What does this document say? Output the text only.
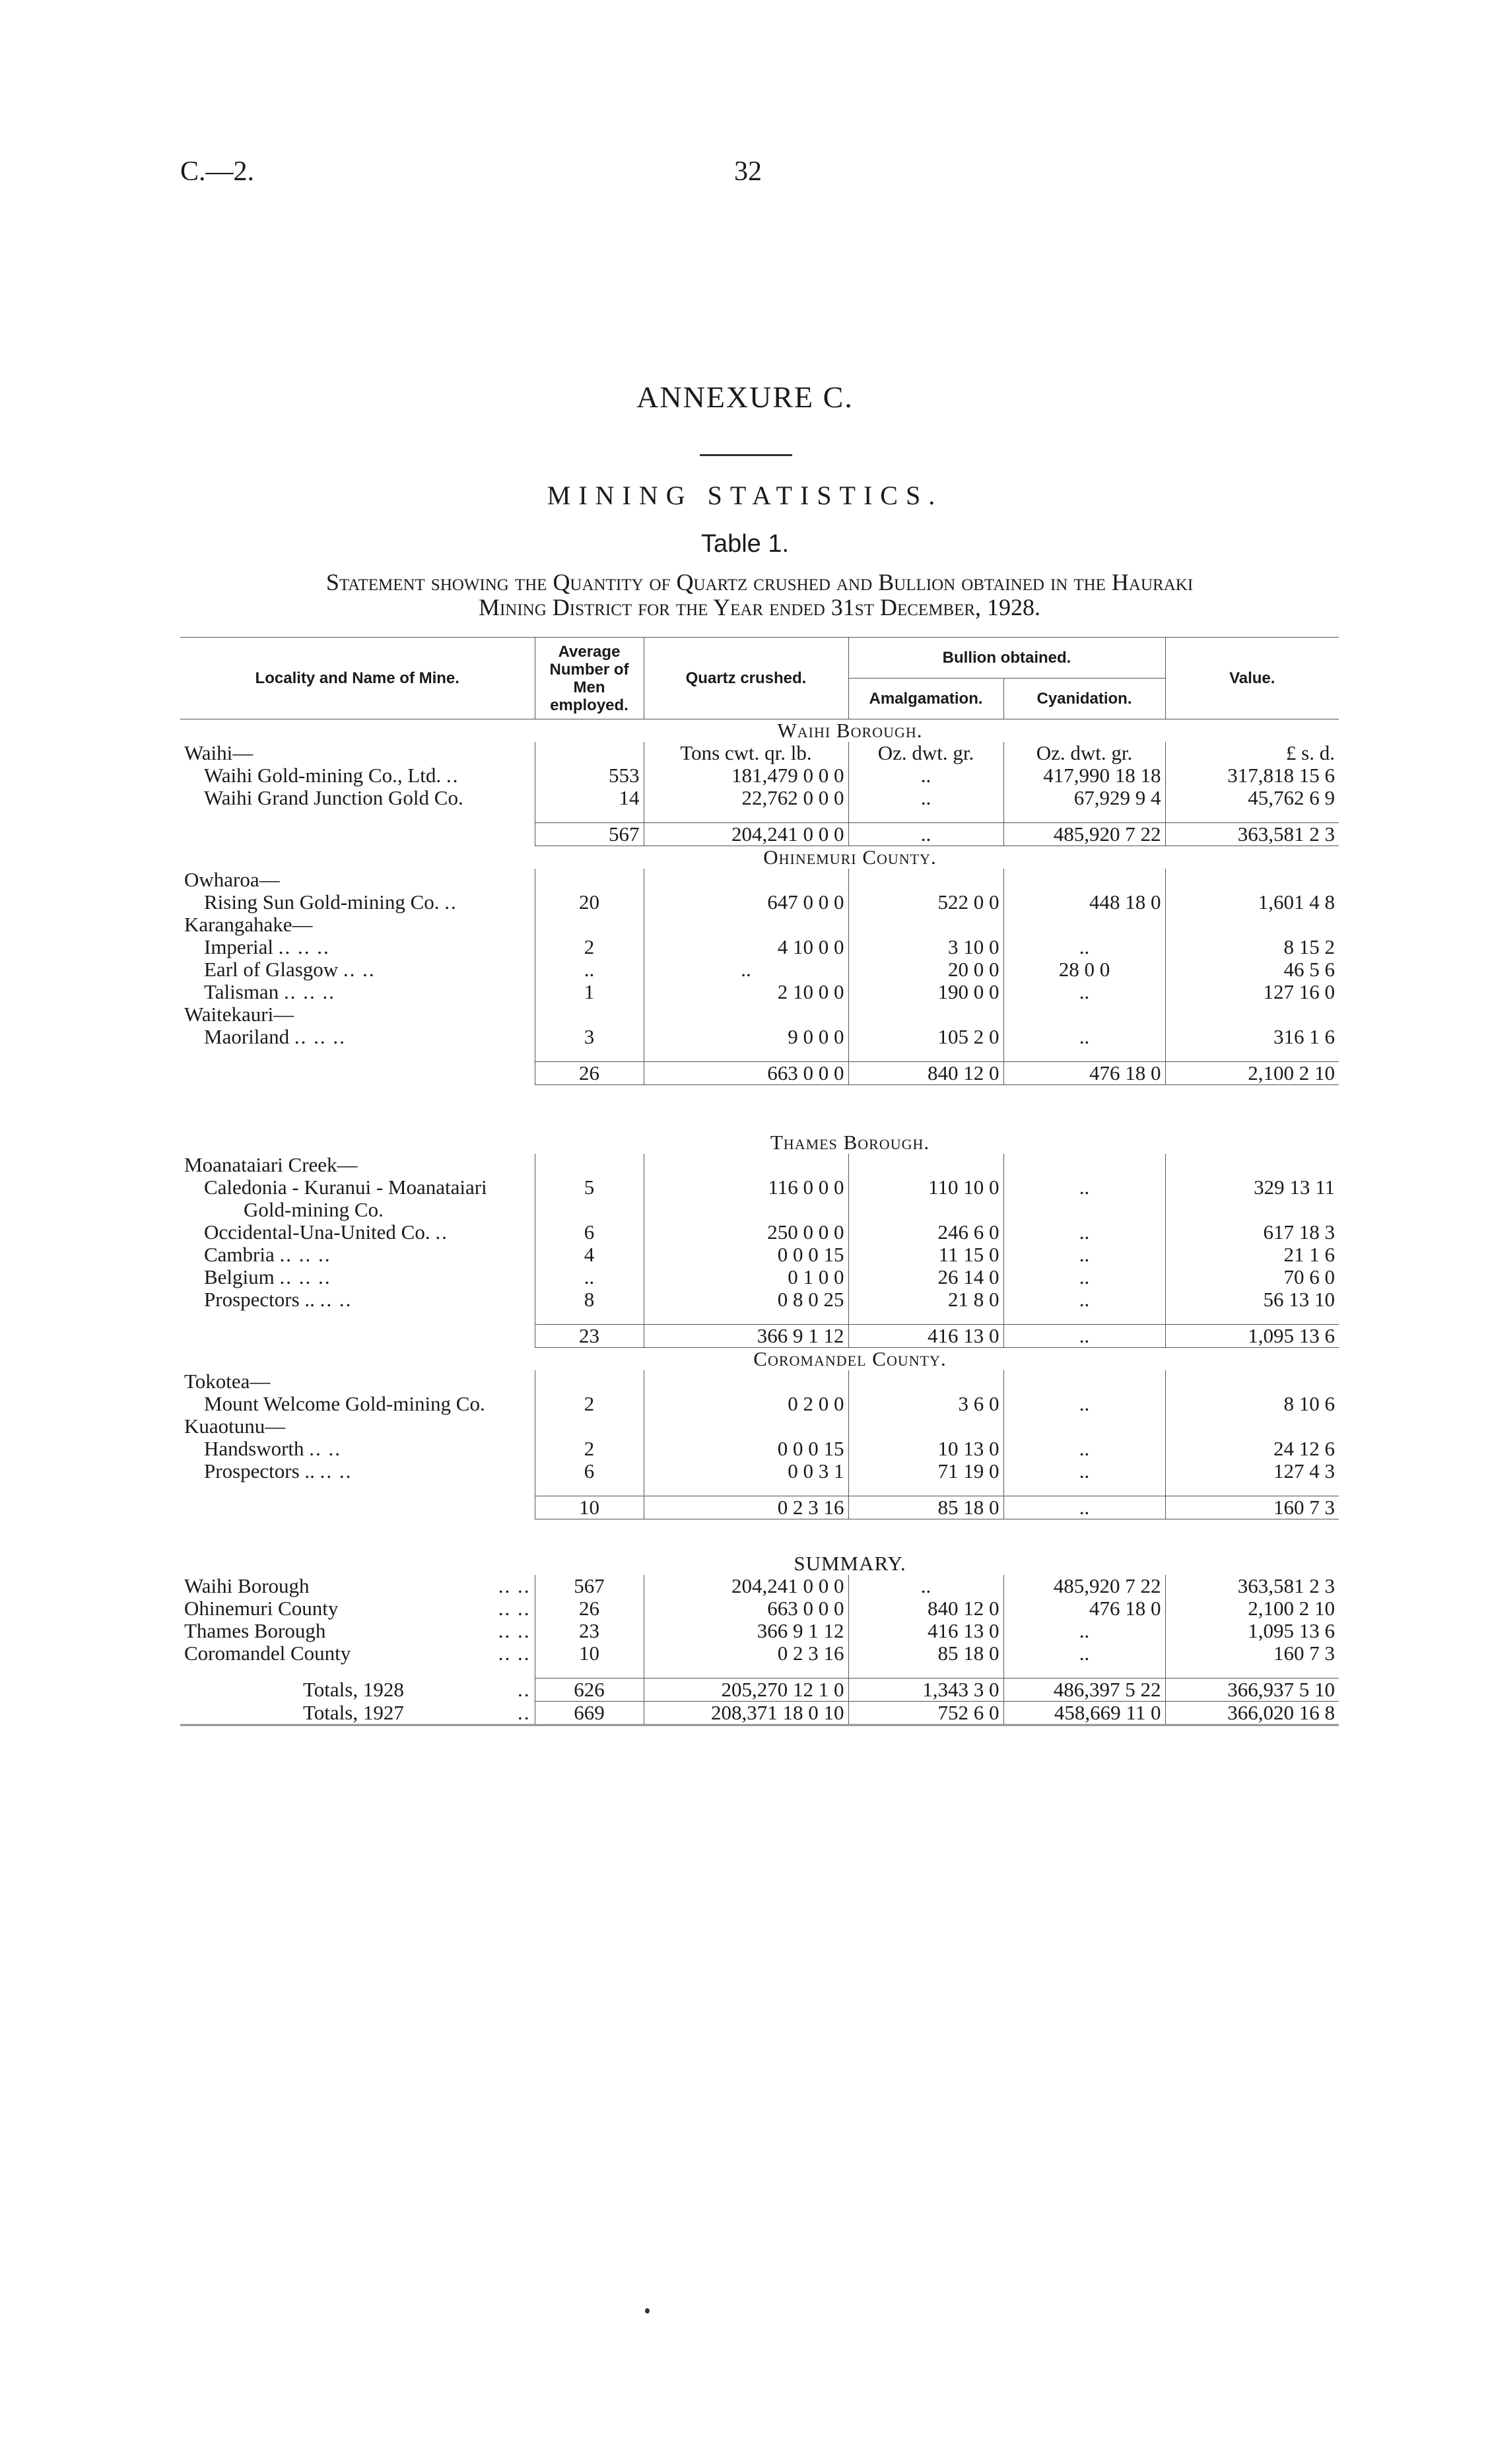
C.—2.	32
ANNEXURE C.
MINING STATISTICS.
Table 1.
Statement showing the Quantity of Quartz crushed and Bullion obtained in the Hauraki
Mining District for the Year ended 31st December, 1928.
Locality and Name of Mine.	Average Number of Men employed.	Quartz crushed.	Bullion obtained.		Value.
			Amalgamation.	Cyanidation.	
	Waihi Borough.				
Waihi—		Tons cwt. qr. lb.	Oz. dwt. gr.	Oz. dwt. gr.	£ s. d.
Waihi Gold-mining Co., Ltd. ..	553	181,479 0 0 0	..	417,990 18 18	317,818 15 6
Waihi Grand Junction Gold Co.	14	22,762 0 0 0	..	67,929 9 4	45,762 6 9

	567	204,241 0 0 0	..	485,920 7 22	363,581 2 3
	Ohinemuri County.				
Owharoa—					
Rising Sun Gold-mining Co. ..	20	647 0 0 0	522 0 0	448 18 0	1,601 4 8
Karangahake—					
Imperial .. .. ..	2	4 10 0 0	3 10 0	..	8 15 2
Earl of Glasgow .. ..	..	..	20 0 0	28 0 0	46 5 6
Talisman .. .. ..	1	2 10 0 0	190 0 0	..	127 16 0
Waitekauri—					
Maoriland .. .. ..	3	9 0 0 0	105 2 0	..	316 1 6

	26	663 0 0 0	840 12 0	476 18 0	2,100 2 10
	Thames Borough.				
Moanataiari Creek—					
Caledonia - Kuranui - Moanataiari
Gold-mining Co.	5	116 0 0 0	110 10 0	..	329 13 11
Occidental-Una-United Co. ..	6	250 0 0 0	246 6 0	..	617 18 3
Cambria .. .. ..	4	0 0 0 15	11 15 0	..	21 1 6
Belgium .. .. ..	..	0 1 0 0	26 14 0	..	70 6 0
Prospectors .. .. ..	8	0 8 0 25	21 8 0	..	56 13 10

	23	366 9 1 12	416 13 0	..	1,095 13 6
	Coromandel County.				
Tokotea—					
Mount Welcome Gold-mining Co.	2	0 2 0 0	3 6 0	..	8 10 6
Kuaotunu—					
Handsworth .. ..	2	0 0 0 15	10 13 0	..	24 12 6
Prospectors .. .. ..	6	0 0 3 1	71 19 0	..	127 4 3

	10	0 2 3 16	85 18 0	..	160 7 3
	SUMMARY.				
Waihi Borough .. ..	567	204,241 0 0 0	..	485,920 7 22	363,581 2 3
Ohinemuri County .. ..	26	663 0 0 0	840 12 0	476 18 0	2,100 2 10
Thames Borough .. ..	23	366 9 1 12	416 13 0	..	1,095 13 6
Coromandel County .. ..	10	0 2 3 16	85 18 0	..	160 7 3

Totals, 1928 ..	626	205,270 12 1 0	1,343 3 0	486,397 5 22	366,937 5 10
Totals, 1927 ..	669	208,371 18 0 10	752 6 0	458,669 11 0	366,020 16 8
